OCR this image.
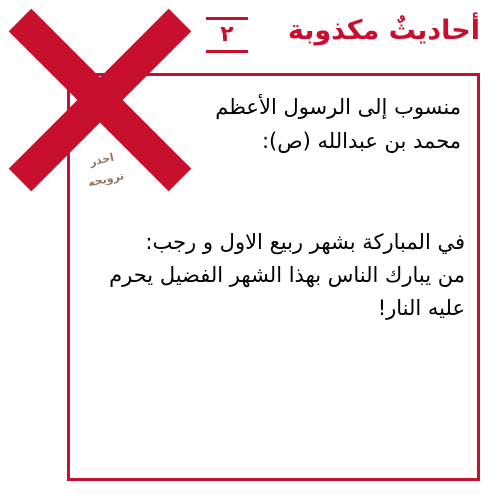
منسوب إلى الرسول الأعظم
محمد بن عبدالله (ص):
في المباركة بشهر ربيع الاول و رجب:
من يبارك الناس بهذا الشهر الفضيل يحرم
عليه النار!
احذر
ترويجه
أحاديثٌ مكذوبة
٢
